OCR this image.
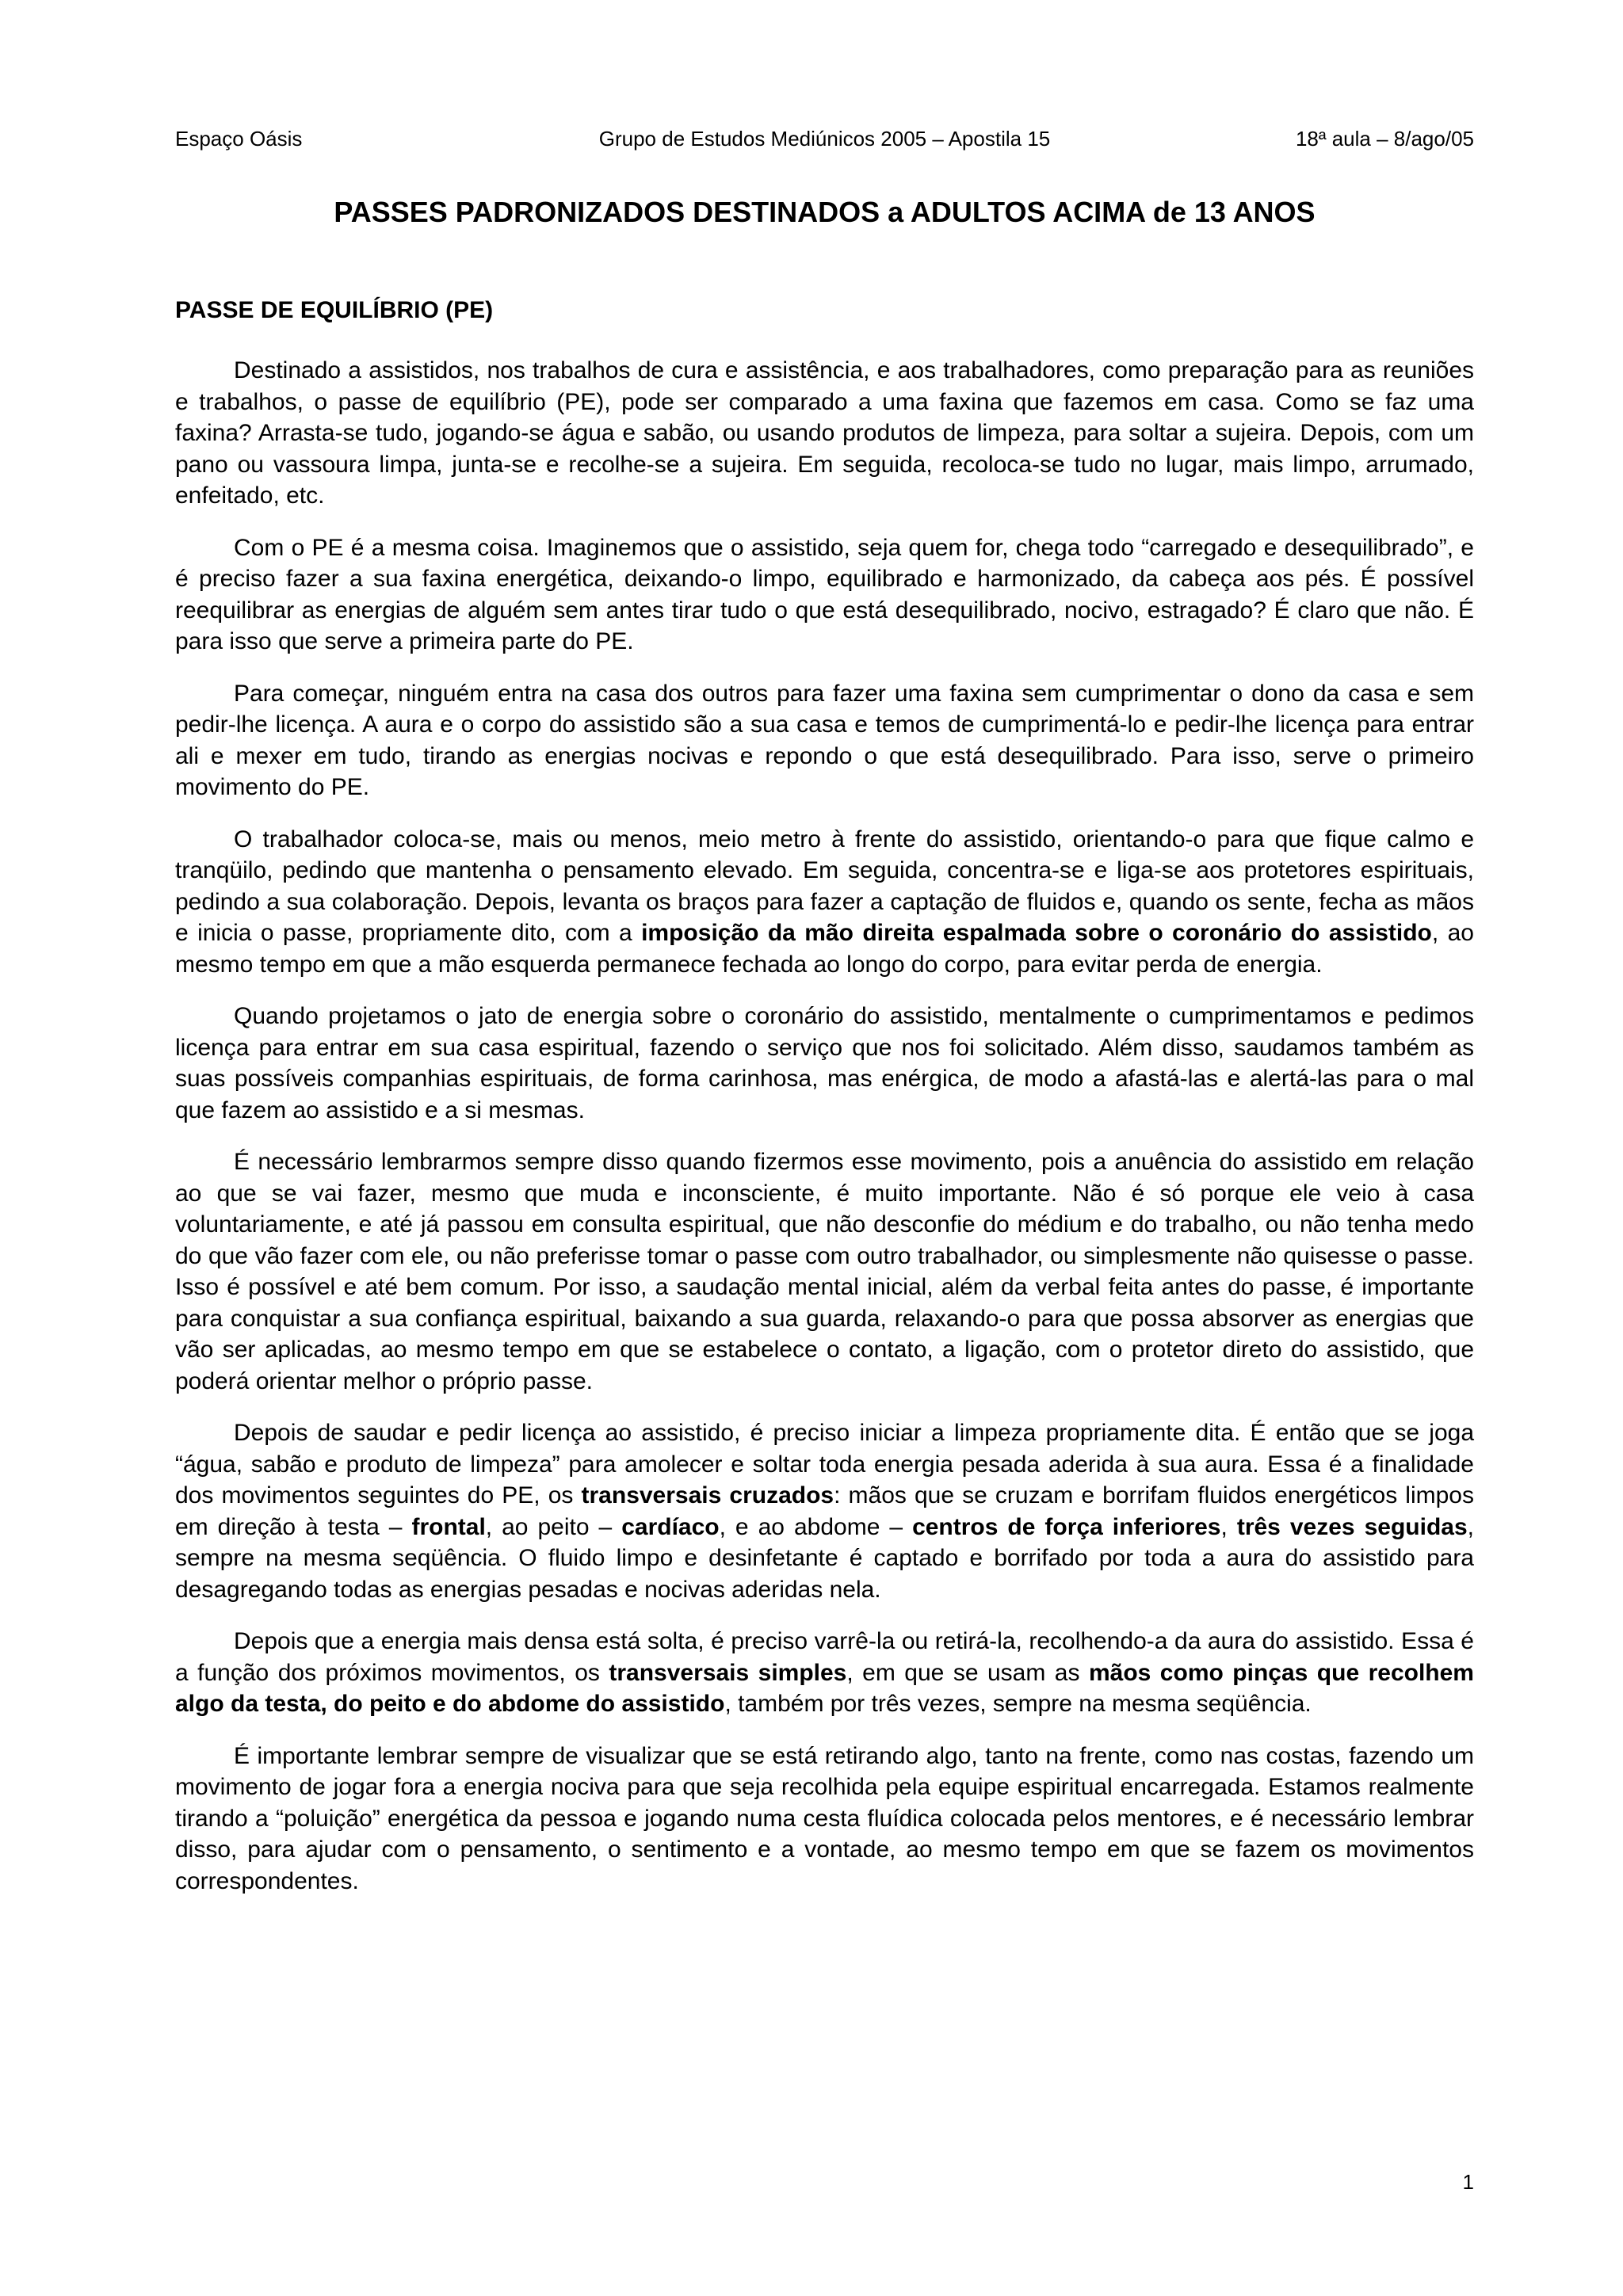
Espaço Oásis	Grupo de Estudos Mediúnicos 2005 – Apostila 15	18ª aula – 8/ago/05
PASSES PADRONIZADOS DESTINADOS a ADULTOS ACIMA de 13 ANOS
PASSE DE EQUILÍBRIO (PE)

Destinado a assistidos, nos trabalhos de cura e assistência, e aos trabalhadores, como preparação para as reuniões e trabalhos, o passe de equilíbrio (PE), pode ser comparado a uma faxina que fazemos em casa. Como se faz uma faxina? Arrasta-se tudo, jogando-se água e sabão, ou usando produtos de limpeza, para soltar a sujeira. Depois, com um pano ou vassoura limpa, junta-se e recolhe-se a sujeira. Em seguida, recoloca-se tudo no lugar, mais limpo, arrumado, enfeitado, etc.

Com o PE é a mesma coisa. Imaginemos que o assistido, seja quem for, chega todo “carregado e desequilibrado”, e é preciso fazer a sua faxina energética, deixando-o limpo, equilibrado e harmonizado, da cabeça aos pés. É possível reequilibrar as energias de alguém sem antes tirar tudo o que está desequilibrado, nocivo, estragado? É claro que não. É para isso que serve a primeira parte do PE.

Para começar, ninguém entra na casa dos outros para fazer uma faxina sem cumprimentar o dono da casa e sem pedir-lhe licença. A aura e o corpo do assistido são a sua casa e temos de cumprimentá-lo e pedir-lhe licença para entrar ali e mexer em tudo, tirando as energias nocivas e repondo o que está desequilibrado. Para isso, serve o primeiro movimento do PE.

O trabalhador coloca-se, mais ou menos, meio metro à frente do assistido, orientando-o para que fique calmo e tranqüilo, pedindo que mantenha o pensamento elevado. Em seguida, concentra-se e liga-se aos protetores espirituais, pedindo a sua colaboração. Depois, levanta os braços para fazer a captação de fluidos e, quando os sente, fecha as mãos e inicia o passe, propriamente dito, com a imposição da mão direita espalmada sobre o coronário do assistido, ao mesmo tempo em que a mão esquerda permanece fechada ao longo do corpo, para evitar perda de energia.

Quando projetamos o jato de energia sobre o coronário do assistido, mentalmente o cumprimentamos e pedimos licença para entrar em sua casa espiritual, fazendo o serviço que nos foi solicitado. Além disso, saudamos também as suas possíveis companhias espirituais, de forma carinhosa, mas enérgica, de modo a afastá-las e alertá-las para o mal que fazem ao assistido e a si mesmas.

É necessário lembrarmos sempre disso quando fizermos esse movimento, pois a anuência do assistido em relação ao que se vai fazer, mesmo que muda e inconsciente, é muito importante. Não é só porque ele veio à casa voluntariamente, e até já passou em consulta espiritual, que não desconfie do médium e do trabalho, ou não tenha medo do que vão fazer com ele, ou não preferisse tomar o passe com outro trabalhador, ou simplesmente não quisesse o passe. Isso é possível e até bem comum. Por isso, a saudação mental inicial, além da verbal feita antes do passe, é importante para conquistar a sua confiança espiritual, baixando a sua guarda, relaxando-o para que possa absorver as energias que vão ser aplicadas, ao mesmo tempo em que se estabelece o contato, a ligação, com o protetor direto do assistido, que poderá orientar melhor o próprio passe.

Depois de saudar e pedir licença ao assistido, é preciso iniciar a limpeza propriamente dita. É então que se joga “água, sabão e produto de limpeza” para amolecer e soltar toda energia pesada aderida à sua aura. Essa é a finalidade dos movimentos seguintes do PE, os transversais cruzados: mãos que se cruzam e borrifam fluidos energéticos limpos em direção à testa – frontal, ao peito – cardíaco, e ao abdome – centros de força inferiores, três vezes seguidas, sempre na mesma seqüência. O fluido limpo e desinfetante é captado e borrifado por toda a aura do assistido para desagregando todas as energias pesadas e nocivas aderidas nela.

Depois que a energia mais densa está solta, é preciso varrê-la ou retirá-la, recolhendo-a da aura do assistido. Essa é a função dos próximos movimentos, os transversais simples, em que se usam as mãos como pinças que recolhem algo da testa, do peito e do abdome do assistido, também por três vezes, sempre na mesma seqüência.

É importante lembrar sempre de visualizar que se está retirando algo, tanto na frente, como nas costas, fazendo um movimento de jogar fora a energia nociva para que seja recolhida pela equipe espiritual encarregada. Estamos realmente tirando a “poluição” energética da pessoa e jogando numa cesta fluídica colocada pelos mentores, e é necessário lembrar disso, para ajudar com o pensamento, o sentimento e a vontade, ao mesmo tempo em que se fazem os movimentos correspondentes.

1
